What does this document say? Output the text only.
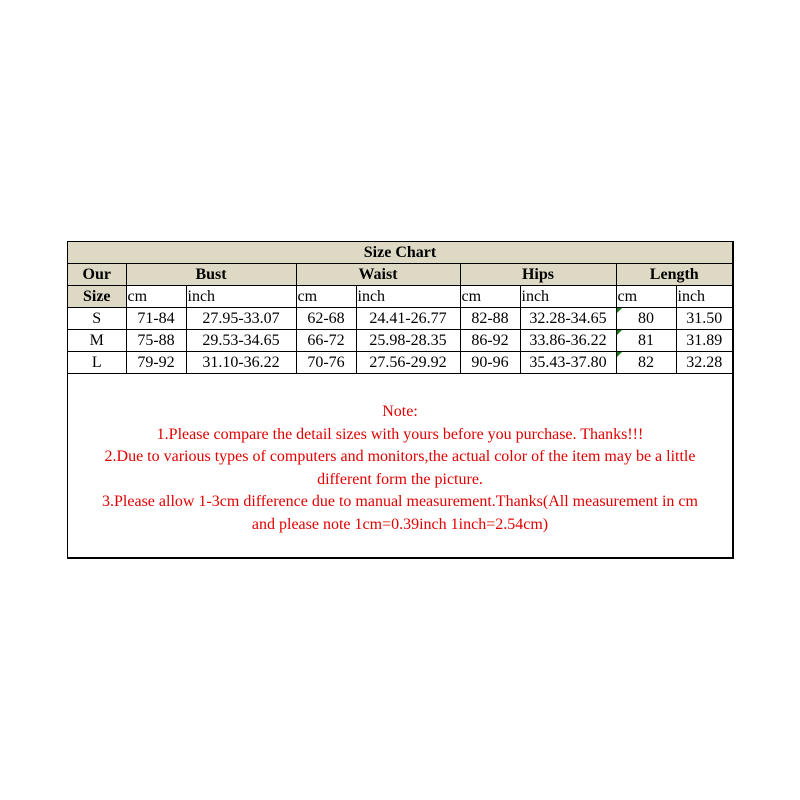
Size Chart								
Our	Bust		Waist		Hips		Length	
Size	cm	inch	cm	inch	cm	inch	cm	inch
S	71-84	27.95-33.07	62-68	24.41-26.77	82-88	32.28-34.65	80	31.50
M	75-88	29.53-34.65	66-72	25.98-28.35	86-92	33.86-36.22	81	31.89
L	79-92	31.10-36.22	70-76	27.56-29.92	90-96	35.43-37.80	82	32.28
Note:
1.Please compare the detail sizes with yours before you purchase. Thanks!!!
2.Due to various types of computers and monitors,the actual color of the item may be a little
different form the picture.
3.Please allow 1-3cm difference due to manual measurement.Thanks(All measurement in cm
and please note 1cm=0.39inch 1inch=2.54cm)
